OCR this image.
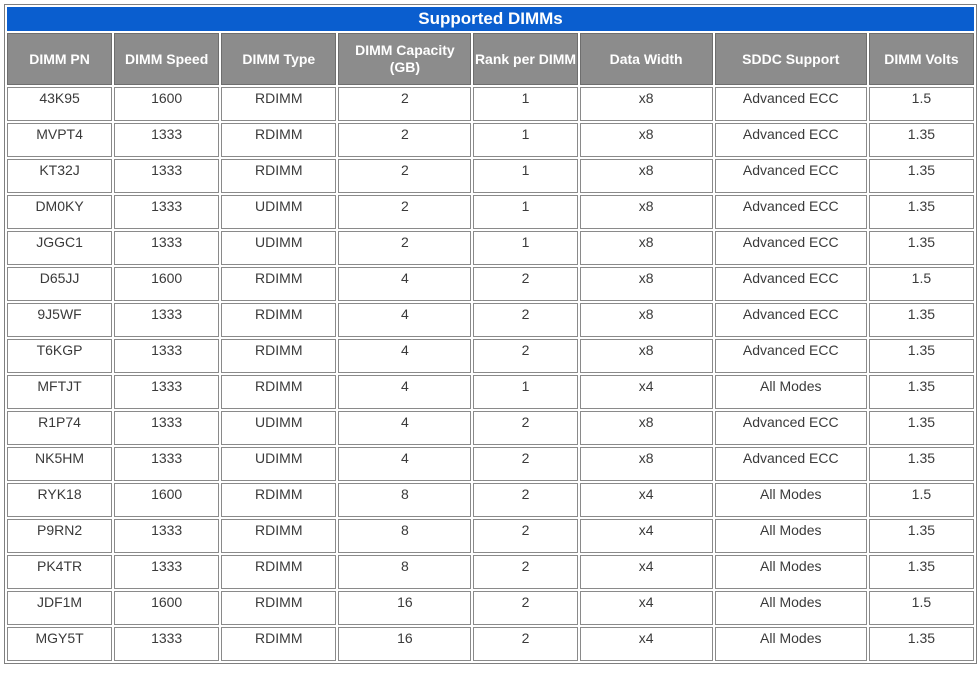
Supported DIMMs							
DIMM PN	DIMM Speed	DIMM Type	DIMM Capacity (GB)	Rank per DIMM	Data Width	SDDC Support	DIMM Volts
43K95	1600	RDIMM	2	1	x8	Advanced ECC	1.5
MVPT4	1333	RDIMM	2	1	x8	Advanced ECC	1.35
KT32J	1333	RDIMM	2	1	x8	Advanced ECC	1.35
DM0KY	1333	UDIMM	2	1	x8	Advanced ECC	1.35
JGGC1	1333	UDIMM	2	1	x8	Advanced ECC	1.35
D65JJ	1600	RDIMM	4	2	x8	Advanced ECC	1.5
9J5WF	1333	RDIMM	4	2	x8	Advanced ECC	1.35
T6KGP	1333	RDIMM	4	2	x8	Advanced ECC	1.35
MFTJT	1333	RDIMM	4	1	x4	All Modes	1.35
R1P74	1333	UDIMM	4	2	x8	Advanced ECC	1.35
NK5HM	1333	UDIMM	4	2	x8	Advanced ECC	1.35
RYK18	1600	RDIMM	8	2	x4	All Modes	1.5
P9RN2	1333	RDIMM	8	2	x4	All Modes	1.35
PK4TR	1333	RDIMM	8	2	x4	All Modes	1.35
JDF1M	1600	RDIMM	16	2	x4	All Modes	1.5
MGY5T	1333	RDIMM	16	2	x4	All Modes	1.35
